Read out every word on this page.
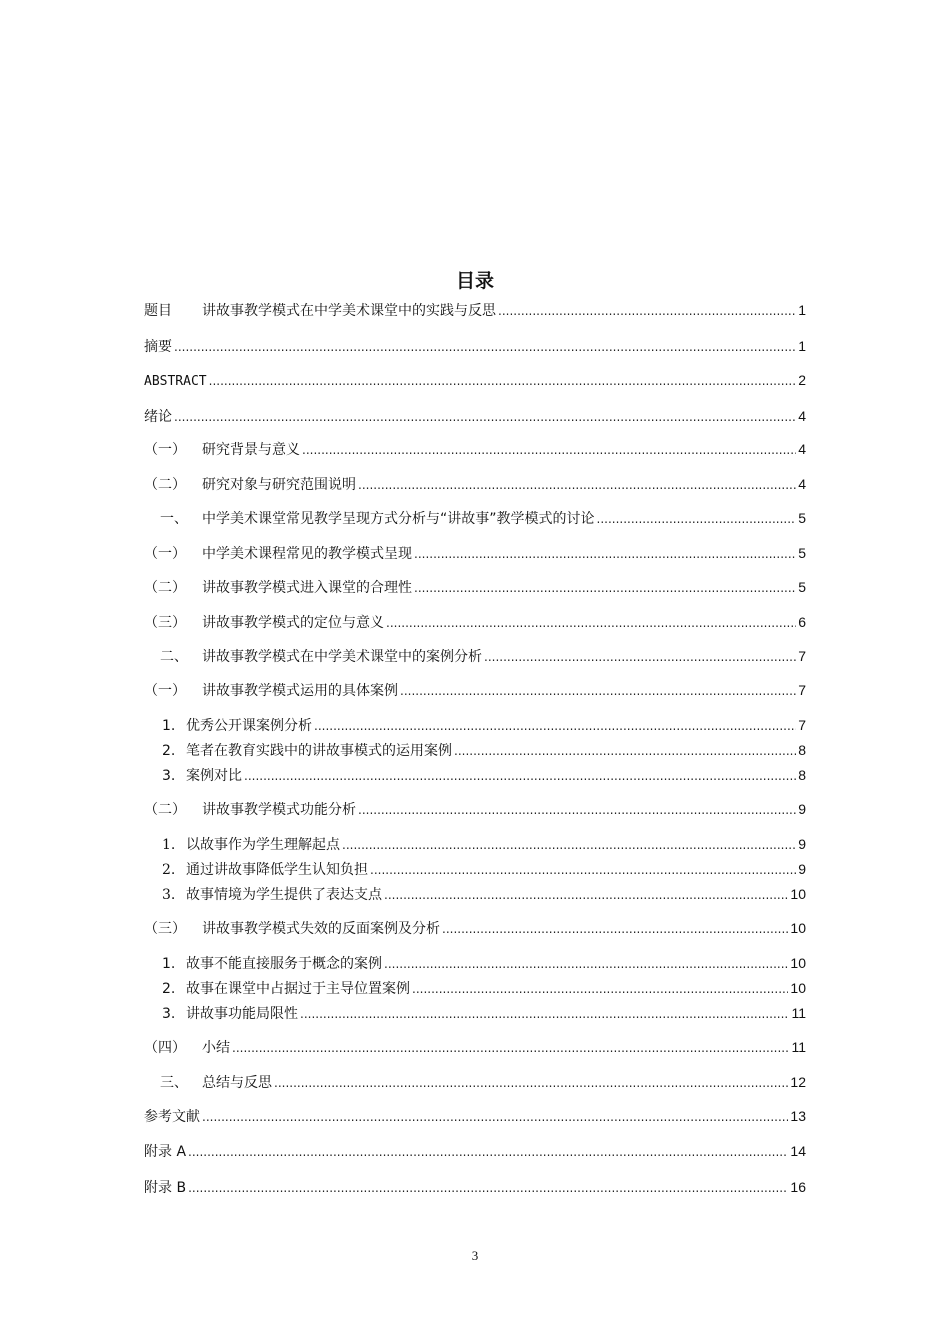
目录
题目 讲故事教学模式在中学美术课堂中的实践与反思 .....	1
摘要 .....	1
ABSTRACT .....	2
绪论 .....	4
（一） 研究背景与意义 .....	4
（二） 研究对象与研究范围说明 .....	4
一、 中学美术课堂常见教学呈现方式分析与“讲故事”教学模式的讨论 .....	5
（一） 中学美术课程常见的教学模式呈现 .....	5
（二） 讲故事教学模式进入课堂的合理性 .....	5
（三） 讲故事教学模式的定位与意义 .....	6
二、 讲故事教学模式在中学美术课堂中的案例分析 .....	7
（一） 讲故事教学模式运用的具体案例 .....	7
1. 优秀公开课案例分析 .....	7
2. 笔者在教育实践中的讲故事模式的运用案例 .....	8
3. 案例对比 .....	8
（二） 讲故事教学模式功能分析 .....	9
1. 以故事作为学生理解起点 .....	9
2. 通过讲故事降低学生认知负担 .....	9
3. 故事情境为学生提供了表达支点 .....	10
（三） 讲故事教学模式失效的反面案例及分析 .....	10
1. 故事不能直接服务于概念的案例 .....	10
2. 故事在课堂中占据过于主导位置案例 .....	10
3. 讲故事功能局限性 .....	11
（四） 小结 .....	11
三、 总结与反思 .....	12
参考文献 .....	13
附录 A .....	14
附录 B .....	16
3
